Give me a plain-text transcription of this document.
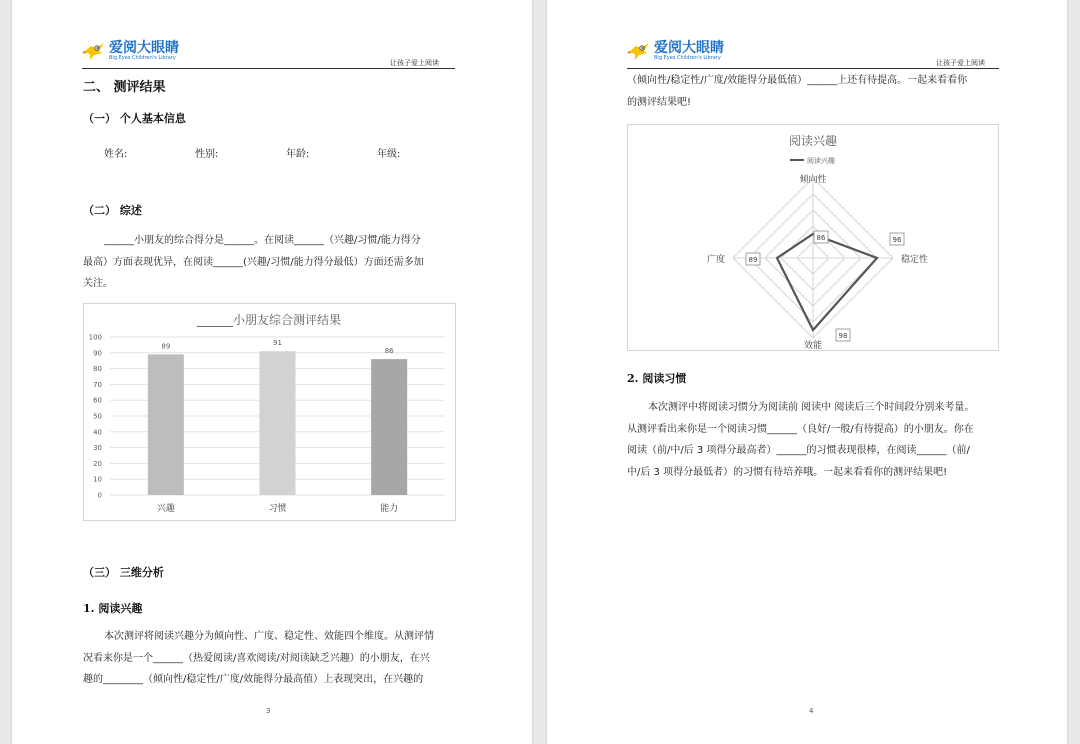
爱阅大眼睛
Big Eyes Children's Library
让孩子爱上阅读
二、 测评结果
（一） 个人基本信息
姓名:	性别:	年龄:	年级:
（二） 综述
______小朋友的综合得分是______。在阅读______（兴趣/习惯/能力得分
最高）方面表现优异，在阅读______(兴趣/习惯/能力得分最低）方面还需多加
关注。
______小朋友综合测评结果
0
10
20
30
40
50
60
70
80
90
100
89
兴趣
91
习惯
86
能力
（三） 三维分析
1. 阅读兴趣
本次测评将阅读兴趣分为倾向性、广度、稳定性、效能四个维度。从测评情
况看来你是一个______（热爱阅读/喜欢阅读/对阅读缺乏兴趣）的小朋友，在兴
趣的________（倾向性/稳定性/广度/效能得分最高值）上表现突出，在兴趣的
3
爱阅大眼睛
Big Eyes Children's Library
让孩子爱上阅读
（倾向性/稳定性/广度/效能得分最低值）______上还有待提高。一起来看看你
的测评结果吧!
阅读兴趣
阅读兴趣
倾向性
稳定性
效能
广度
86	96
98
89
2. 阅读习惯
本次测评中将阅读习惯分为阅读前 阅读中 阅读后三个时间段分别来考量。
从测评看出来你是一个阅读习惯______（良好/一般/有待提高）的小朋友。你在
阅读（前/中/后 3 项得分最高者）______的习惯表现很棒，在阅读______（前/
中/后 3 项得分最低者）的习惯有待培养哦。一起来看看你的测评结果吧!
4
